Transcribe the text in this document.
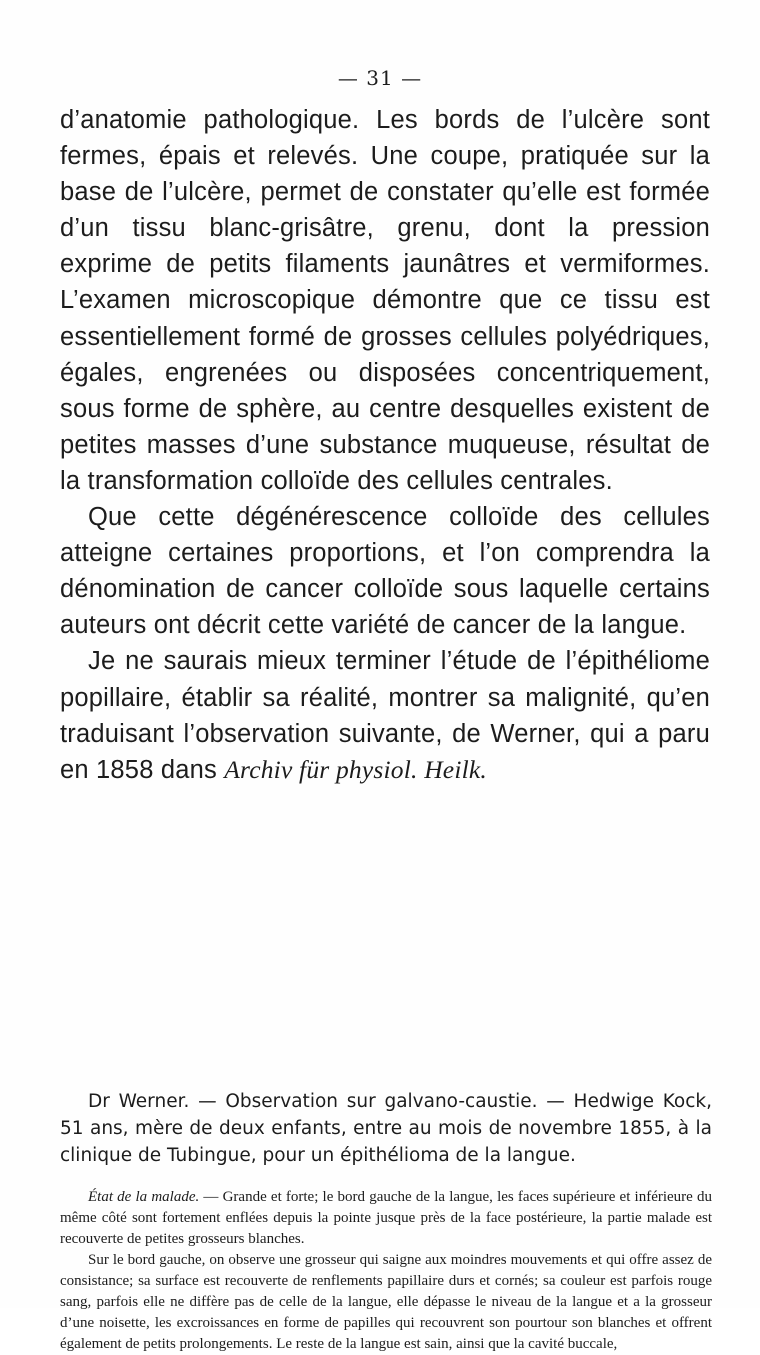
— 31 —

d’anatomie pathologique. Les bords de l’ulcère sont fermes, épais et relevés. Une coupe, pratiquée sur la base de l’ulcère, permet de constater qu’elle est formée d’un tissu blanc-grisâtre, grenu, dont la pression exprime de petits filaments jaunâtres et vermiformes. L’examen microscopique démontre que ce tissu est essentiellement formé de grosses cellules polyédriques, égales, engrenées ou disposées concentriquement, sous forme de sphère, au centre desquelles existent de petites masses d’une substance muqueuse, résultat de la transformation colloïde des cellules centrales.

Que cette dégénérescence colloïde des cellules atteigne certaines proportions, et l’on comprendra la dénomination de cancer colloïde sous laquelle certains auteurs ont décrit cette variété de cancer de la langue.

Je ne saurais mieux terminer l’étude de l’épithéliome popillaire, établir sa réalité, montrer sa malignité, qu’en traduisant l’observation suivante, de Werner, qui a paru en 1858 dans Archiv für physiol. Heilk.

Dr Werner. — Observation sur galvano-caustie. — Hedwige Kock, 51 ans, mère de deux enfants, entre au mois de novembre 1855, à la clinique de Tubingue, pour un épithélioma de la langue.

État de la malade. — Grande et forte; le bord gauche de la langue, les faces supérieure et inférieure du même côté sont fortement enflées depuis la pointe jusque près de la face postérieure, la partie malade est recouverte de petites grosseurs blanches.

Sur le bord gauche, on observe une grosseur qui saigne aux moindres mouvements et qui offre assez de consistance; sa surface est recouverte de renflements papillaire durs et cornés; sa couleur est parfois rouge sang, parfois elle ne diffère pas de celle de la langue, elle dépasse le niveau de la langue et a la grosseur d’une noisette, les excroissances en forme de papilles qui recouvrent son pourtour son blanches et offrent également de petits prolongements. Le reste de la langue est sain, ainsi que la cavité buccale,
